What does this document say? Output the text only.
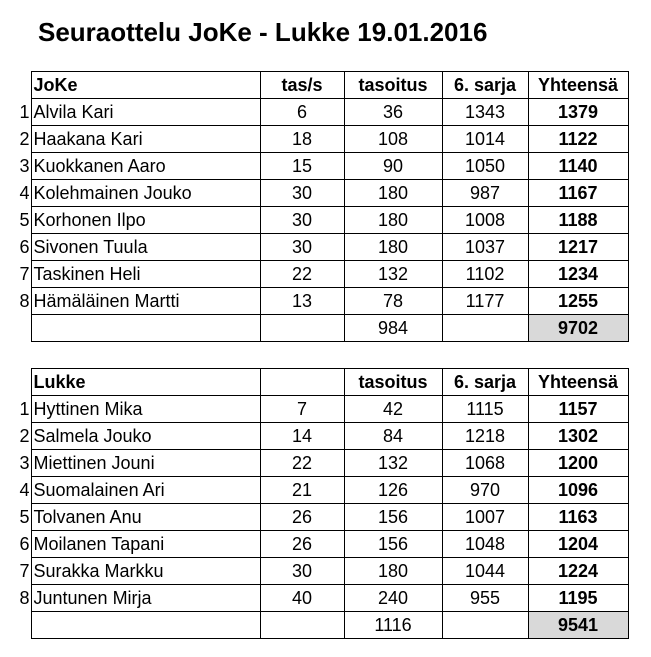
Seuraottelu JoKe - Lukke 19.01.2016
	JoKe	tas/s	tasoitus	6. sarja	Yhteensä
1	Alvila Kari	6	36	1343	1379
2	Haakana Kari	18	108	1014	1122
3	Kuokkanen Aaro	15	90	1050	1140
4	Kolehmainen Jouko	30	180	987	1167
5	Korhonen Ilpo	30	180	1008	1188
6	Sivonen Tuula	30	180	1037	1217
7	Taskinen Heli	22	132	1102	1234
8	Hämäläinen Martti	13	78	1177	1255
			984		9702
	Lukke		tasoitus	6. sarja	Yhteensä
1	Hyttinen Mika	7	42	1115	1157
2	Salmela Jouko	14	84	1218	1302
3	Miettinen Jouni	22	132	1068	1200
4	Suomalainen Ari	21	126	970	1096
5	Tolvanen Anu	26	156	1007	1163
6	Moilanen Tapani	26	156	1048	1204
7	Surakka Markku	30	180	1044	1224
8	Juntunen Mirja	40	240	955	1195
			1116		9541
